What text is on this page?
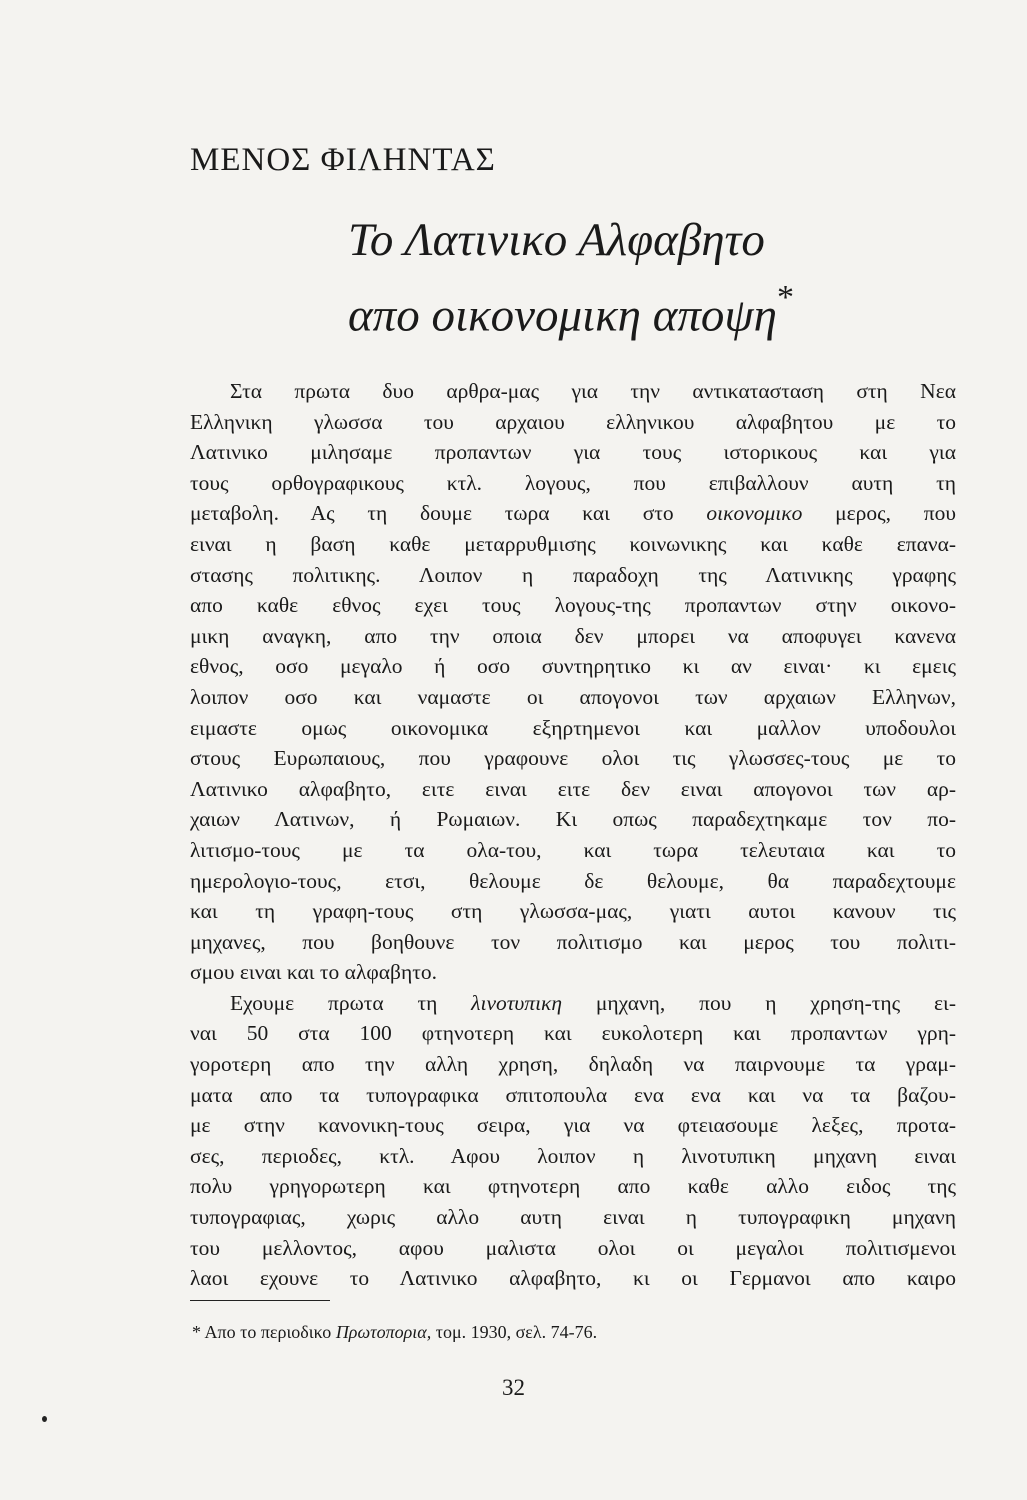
ΜΕΝΟΣ ΦΙΛΗΝΤΑΣ
Το Λατινικο Αλφαβητο
απο οικονομικη αποψη*
Στα πρωτα δυο αρθρα-μας για την αντικατασταση στη Νεα
Ελληνικη γλωσσα του αρχαιου ελληνικου αλφαβητου με το
Λατινικο μιλησαμε προπαντων για τους ιστορικους και για
τους ορθογραφικους κτλ. λογους, που επιβαλλουν αυτη τη
μεταβολη. Ας τη δουμε τωρα και στο οικονομικο μερος, που
ειναι η βαση καθε μεταρρυθμισης κοινωνικης και καθε επανα-
στασης πολιτικης. Λοιπον η παραδοχη της Λατινικης γραφης
απο καθε εθνος εχει τους λογους-της προπαντων στην οικονο-
μικη αναγκη, απο την οποια δεν μπορει να αποφυγει κανενα
εθνος, οσο μεγαλο ή οσο συντηρητικο κι αν ειναι· κι εμεις
λοιπον οσο και ναμαστε οι απογονοι των αρχαιων Ελληνων,
ειμαστε ομως οικονομικα εξηρτημενοι και μαλλον υποδουλοι
στους Ευρωπαιους, που γραφουνε ολοι τις γλωσσες-τους με το
Λατινικο αλφαβητο, ειτε ειναι ειτε δεν ειναι απογονοι των αρ-
χαιων Λατινων, ή Ρωμαιων. Κι οπως παραδεχτηκαμε τον πο-
λιτισμο-τους με τα ολα-του, και τωρα τελευταια και το
ημερολογιο-τους, ετσι, θελουμε δε θελουμε, θα παραδεχτουμε
και τη γραφη-τους στη γλωσσα-μας, γιατι αυτοι κανουν τις
μηχανες, που βοηθουνε τον πολιτισμο και μερος του πολιτι-
σμου ειναι και το αλφαβητο.
Εχουμε πρωτα τη λινοτυπικη μηχανη, που η χρηση-της ει-
ναι 50 στα 100 φτηνοτερη και ευκολοτερη και προπαντων γρη-
γοροτερη απο την αλλη χρηση, δηλαδη να παιρνουμε τα γραμ-
ματα απο τα τυπογραφικα σπιτοπουλα ενα ενα και να τα βαζου-
με στην κανονικη-τους σειρα, για να φτειασουμε λεξες, προτα-
σες, περιοδες, κτλ. Αφου λοιπον η λινοτυπικη μηχανη ειναι
πολυ γρηγορωτερη και φτηνοτερη απο καθε αλλο ειδος της
τυπογραφιας, χωρις αλλο αυτη ειναι η τυπογραφικη μηχανη
του μελλοντος, αφου μαλιστα ολοι οι μεγαλοι πολιτισμενοι
λαοι εχουνε το Λατινικο αλφαβητο, κι οι Γερμανοι απο καιρο
* Απο το περιοδικο Πρωτοπορια, τομ. 1930, σελ. 74-76.
32
